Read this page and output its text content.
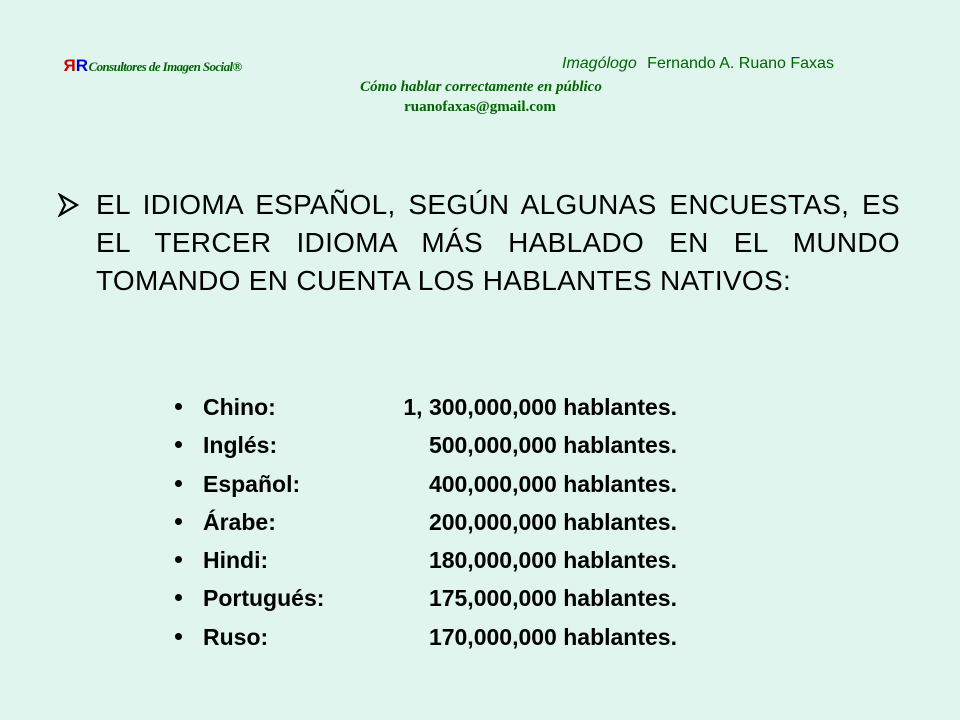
R R Consultores de Imagen Social®	Imagólogo Fernando A. Ruano Faxas
Cómo hablar correctamente en público
ruanofaxas@gmail.com
EL IDIOMA ESPAÑOL, SEGÚN ALGUNAS ENCUESTAS, ES EL TERCER IDIOMA MÁS HABLADO EN EL MUNDO TOMANDO EN CUENTA LOS HABLANTES NATIVOS:
Chino:	1, 300,000,000 hablantes.
Inglés:	500,000,000 hablantes.
Español:	400,000,000 hablantes.
Árabe:	200,000,000 hablantes.
Hindi:	180,000,000 hablantes.
Portugués:	175,000,000 hablantes.
Ruso:	170,000,000 hablantes.
